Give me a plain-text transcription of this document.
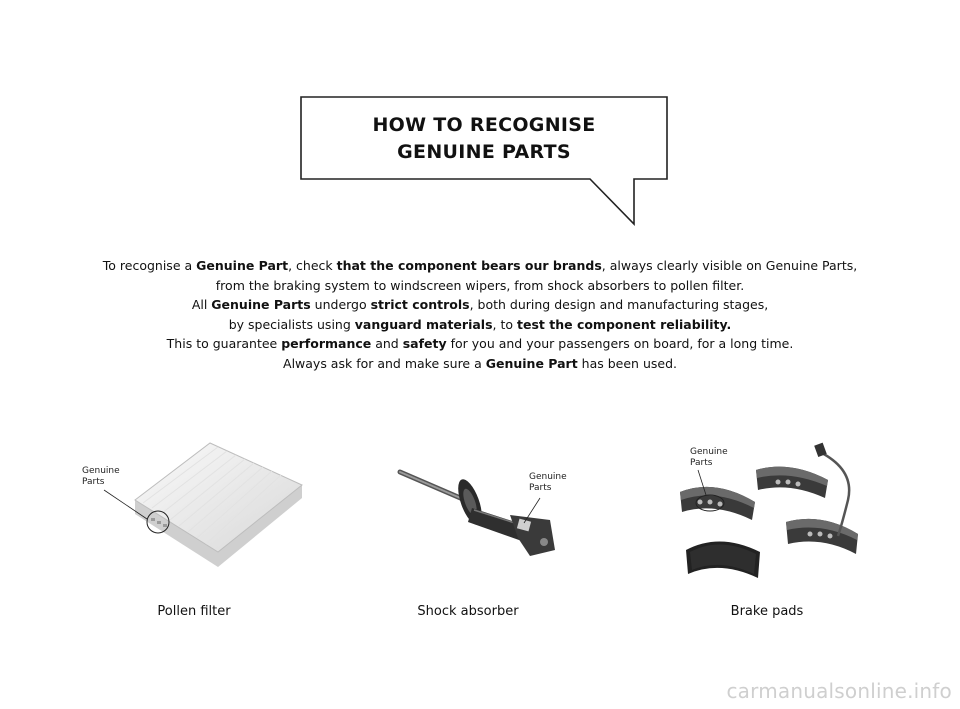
HOW TO RECOGNISE
GENUINE PARTS
To recognise a Genuine Part, check that the component bears our brands, always clearly visible on Genuine Parts,
from the braking system to windscreen wipers, from shock absorbers to pollen filter.
All Genuine Parts undergo strict controls, both during design and manufacturing stages,
by specialists using vanguard materials, to test the component reliability.
This to guarantee performance and safety for you and your passengers on board, for a long time.
Always ask for and make sure a Genuine Part has been used.
Genuine
Parts
Pollen filter
Genuine
Parts
Shock absorber
Genuine
Parts
Brake pads
carmanualsonline.info
